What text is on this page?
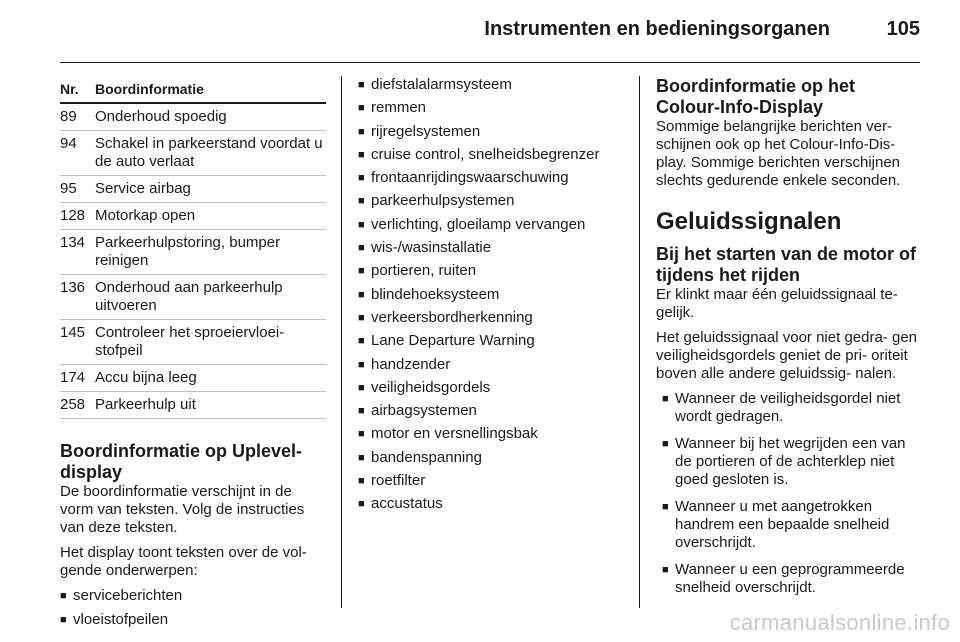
Instrumenten en bedieningsorganen	105
Nr.	Boordinformatie
89	Onderhoud spoedig
94	Schakel in parkeerstand voordat u de auto verlaat
95	Service airbag
128 Motorkap open
134 Parkeerhulpstoring, bumper reinigen
136 Onderhoud aan parkeerhulp uitvoeren
145 Controleer het sproeiervloei- stofpeil
174 Accu bijna leeg
258 Parkeerhulp uit
Boordinformatie op Uplevel-display

De boordinformatie verschijnt in de vorm van teksten. Volg de instructies van deze teksten.

Het display toont teksten over de vol- gende onderwerpen:

■ serviceberichten
■ vloeistofpeilen
■ diefstalalarmsysteem
■ remmen
■ rijregelsystemen
■ cruise control, snelheidsbegrenzer
■ frontaanrijdingswaarschuwing
■ parkeerhulpsystemen
■ verlichting, gloeilamp vervangen
■ wis-/wasinstallatie
■ portieren, ruiten
■ blindehoeksysteem
■ verkeersbordherkenning
■ Lane Departure Warning
■ handzender
■ veiligheidsgordels
■ airbagsystemen
■ motor en versnellingsbak
■ bandenspanning
■ roetfilter
■ accustatus
Boordinformatie op het Colour-Info-Display

Sommige belangrijke berichten ver- schijnen ook op het Colour-Info-Dis- play. Sommige berichten verschijnen slechts gedurende enkele seconden.

Geluidssignalen
Bij het starten van de motor of tijdens het rijden

Er klinkt maar één geluidssignaal te- gelijk.

Het geluidssignaal voor niet gedra- gen veiligheidsgordels geniet de pri- oriteit boven alle andere geluidssig- nalen.

■ Wanneer de veiligheidsgordel niet wordt gedragen.
■ Wanneer bij het wegrijden een van de portieren of de achterklep niet goed gesloten is.
■ Wanneer u met aangetrokken handrem een bepaalde snelheid overschrijdt.
■ Wanneer u een geprogrammeerde snelheid overschrijdt.
carmanualsonline.info
